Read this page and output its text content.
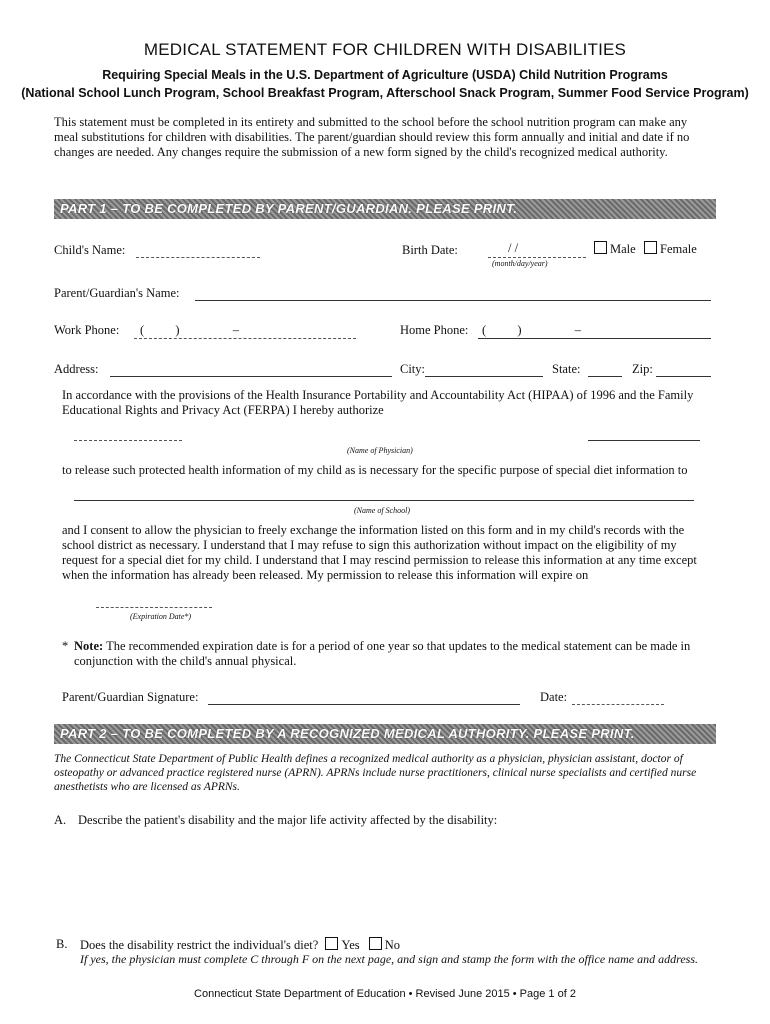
MEDICAL STATEMENT FOR CHILDREN WITH DISABILITIES
Requiring Special Meals in the U.S. Department of Agriculture (USDA) Child Nutrition Programs
(National School Lunch Program, School Breakfast Program, Afterschool Snack Program, Summer Food Service Program)
This statement must be completed in its entirety and submitted to the school before the school nutrition program can make any meal substitutions for children with disabilities. The parent/guardian should review this form annually and initial and date if no changes are needed. Any changes require the submission of a new form signed by the child's recognized medical authority.
PART 1 – TO BE COMPLETED BY PARENT/GUARDIAN. PLEASE PRINT.
Child's Name:	Birth Date:	/ /
(month/day/year)
Male	Female
Parent/Guardian's Name:
Work Phone: (          )                 –	Home Phone: (          )                 –
Address:	City:	State:	Zip:
In accordance with the provisions of the Health Insurance Portability and Accountability Act (HIPAA) of 1996 and the Family Educational Rights and Privacy Act (FERPA) I hereby authorize
(Name of Physician)
to release such protected health information of my child as is necessary for the specific purpose of special diet information to
(Name of School)
and I consent to allow the physician to freely exchange the information listed on this form and in my child's records with the school district as necessary. I understand that I may refuse to sign this authorization without impact on the eligibility of my request for a special diet for my child. I understand that I may rescind permission to release this information at any time except when the information has already been released. My permission to release this information will expire on
(Expiration Date*)
* Note: The recommended expiration date is for a period of one year so that updates to the medical statement can be made in conjunction with the child's annual physical.
Parent/Guardian Signature:	Date:
PART 2 – TO BE COMPLETED BY A RECOGNIZED MEDICAL AUTHORITY. PLEASE PRINT.
The Connecticut State Department of Public Health defines a recognized medical authority as a physician, physician assistant, doctor of osteopathy or advanced practice registered nurse (APRN). APRNs include nurse practitioners, clinical nurse specialists and certified nurse anesthetists who are licensed as APRNs.
A. Describe the patient's disability and the major life activity affected by the disability:
B. Does the disability restrict the individual's diet? Yes No
If yes, the physician must complete C through F on the next page, and sign and stamp the form with the office name and address.
Connecticut State Department of Education • Revised June 2015 • Page 1 of 2
